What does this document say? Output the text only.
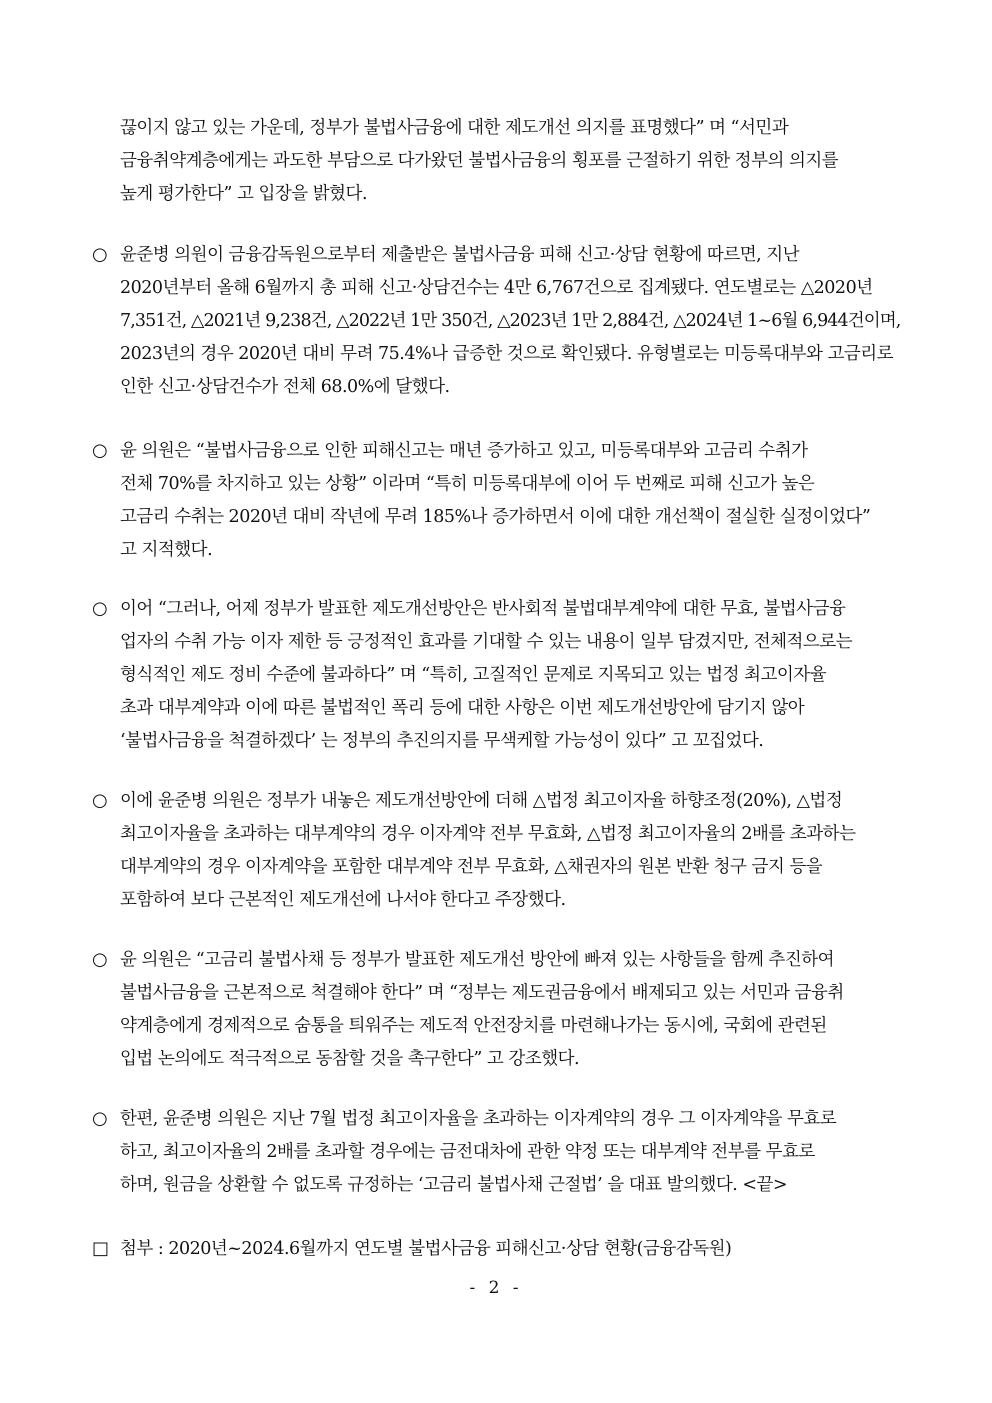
끊이지 않고 있는 가운데, 정부가 불법사금융에 대한 제도개선 의지를 표명했다” 며 “서민과
금융취약계층에게는 과도한 부담으로 다가왔던 불법사금융의 횡포를 근절하기 위한 정부의 의지를
높게 평가한다” 고 입장을 밝혔다.
○ 윤준병 의원이 금융감독원으로부터 제출받은 불법사금융 피해 신고·상담 현황에 따르면, 지난
2020년부터 올해 6월까지 총 피해 신고·상담건수는 4만 6,767건으로 집계됐다. 연도별로는 △2020년
7,351건, △2021년 9,238건, △2022년 1만 350건, △2023년 1만 2,884건, △2024년 1~6월 6,944건이며,
2023년의 경우 2020년 대비 무려 75.4%나 급증한 것으로 확인됐다. 유형별로는 미등록대부와 고금리로
인한 신고·상담건수가 전체 68.0%에 달했다.
○ 윤 의원은 “불법사금융으로 인한 피해신고는 매년 증가하고 있고, 미등록대부와 고금리 수취가
전체 70%를 차지하고 있는 상황” 이라며 “특히 미등록대부에 이어 두 번째로 피해 신고가 높은
고금리 수취는 2020년 대비 작년에 무려 185%나 증가하면서 이에 대한 개선책이 절실한 실정이었다”
고 지적했다.
○ 이어 “그러나, 어제 정부가 발표한 제도개선방안은 반사회적 불법대부계약에 대한 무효, 불법사금융
업자의 수취 가능 이자 제한 등 긍정적인 효과를 기대할 수 있는 내용이 일부 담겼지만, 전체적으로는
형식적인 제도 정비 수준에 불과하다” 며 “특히, 고질적인 문제로 지목되고 있는 법정 최고이자율
초과 대부계약과 이에 따른 불법적인 폭리 등에 대한 사항은 이번 제도개선방안에 담기지 않아
‘불법사금융을 척결하겠다’ 는 정부의 추진의지를 무색케할 가능성이 있다” 고 꼬집었다.
○ 이에 윤준병 의원은 정부가 내놓은 제도개선방안에 더해 △법정 최고이자율 하향조정(20%), △법정
최고이자율을 초과하는 대부계약의 경우 이자계약 전부 무효화, △법정 최고이자율의 2배를 초과하는
대부계약의 경우 이자계약을 포함한 대부계약 전부 무효화, △채권자의 원본 반환 청구 금지 등을
포함하여 보다 근본적인 제도개선에 나서야 한다고 주장했다.
○ 윤 의원은 “고금리 불법사채 등 정부가 발표한 제도개선 방안에 빠져 있는 사항들을 함께 추진하여
불법사금융을 근본적으로 척결해야 한다” 며 “정부는 제도권금융에서 배제되고 있는 서민과 금융취
약계층에게 경제적으로 숨통을 틔워주는 제도적 안전장치를 마련해나가는 동시에, 국회에 관련된
입법 논의에도 적극적으로 동참할 것을 촉구한다” 고 강조했다.
○ 한편, 윤준병 의원은 지난 7월 법정 최고이자율을 초과하는 이자계약의 경우 그 이자계약을 무효로
하고, 최고이자율의 2배를 초과할 경우에는 금전대차에 관한 약정 또는 대부계약 전부를 무효로
하며, 원금을 상환할 수 없도록 규정하는 ‘고금리 불법사채 근절법’ 을 대표 발의했다. <끝>
□ 첨부 : 2020년~2024.6월까지 연도별 불법사금융 피해신고·상담 현황(금융감독원)
- 2 -
